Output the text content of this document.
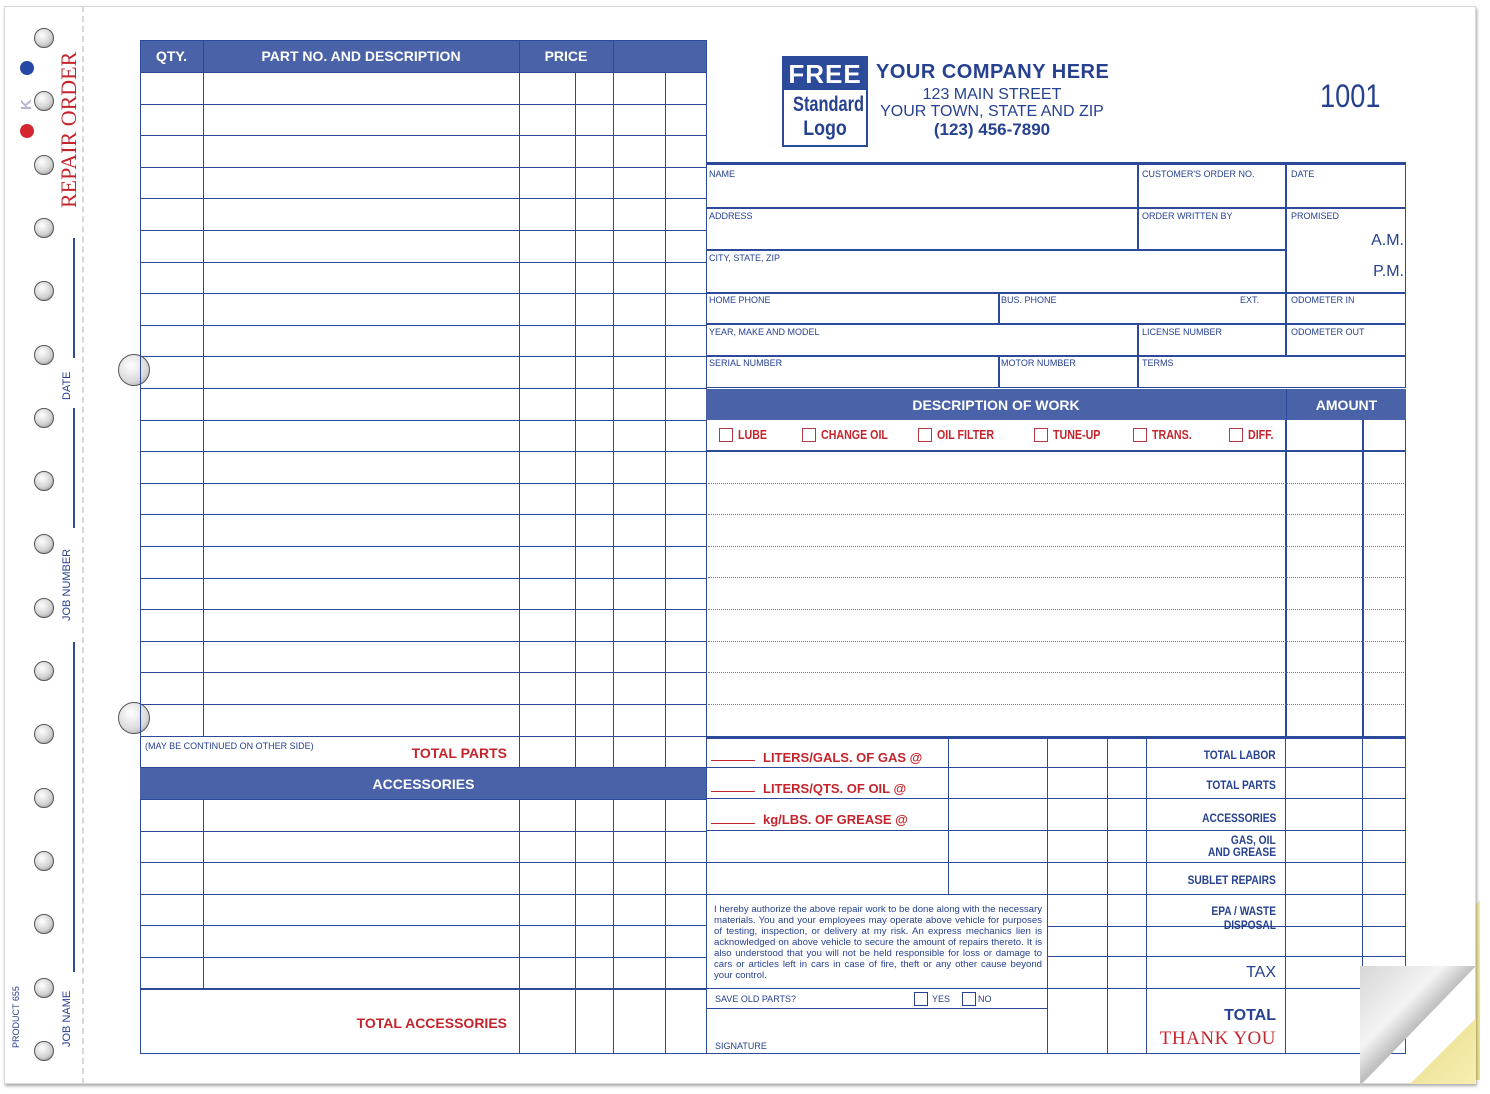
K REPAIR ORDER
DATE
JOB NUMBER
JOB NAME
PRODUCT 655
QTY.	PART NO. AND DESCRIPTION	PRICE
(MAY BE CONTINUED ON OTHER SIDE)	TOTAL PARTS
ACCESSORIES
TOTAL ACCESSORIES
FREE
Standard
Logo
YOUR COMPANY HERE
123 MAIN STREET
YOUR TOWN, STATE AND ZIP
(123) 456-7890
1001
NAME	CUSTOMER'S ORDER NO.	DATE
ADDRESS	ORDER WRITTEN BY	PROMISED
A.M.
P.M.
CITY, STATE, ZIP
HOME PHONE	BUS. PHONE	EXT.	ODOMETER IN
YEAR, MAKE AND MODEL	LICENSE NUMBER	ODOMETER OUT
SERIAL NUMBER	MOTOR NUMBER	TERMS
DESCRIPTION OF WORK	AMOUNT
LUBE	CHANGE OIL	OIL FILTER	TUNE-UP	TRANS.	DIFF.
LITERS/GALS. OF GAS @
LITERS/QTS. OF OIL @
kg/LBS. OF GREASE @
I hereby authorize the above repair work to be done along with the necessary materials. You and your employees may operate above vehicle for purposes of testing, inspection, or delivery at my risk. An express mechanics lien is acknowledged on above vehicle to secure the amount of repairs thereto. It is also understood that you will not be held responsible for loss or damage to cars or articles left in cars in case of fire, theft or any other cause beyond your control.
SAVE OLD PARTS?	YES	NO
SIGNATURE
TOTAL LABOR
TOTAL PARTS
ACCESSORIES
GAS, OIL
AND GREASE
SUBLET REPAIRS
EPA / WASTE DISPOSAL
TAX
TOTAL
THANK YOU
